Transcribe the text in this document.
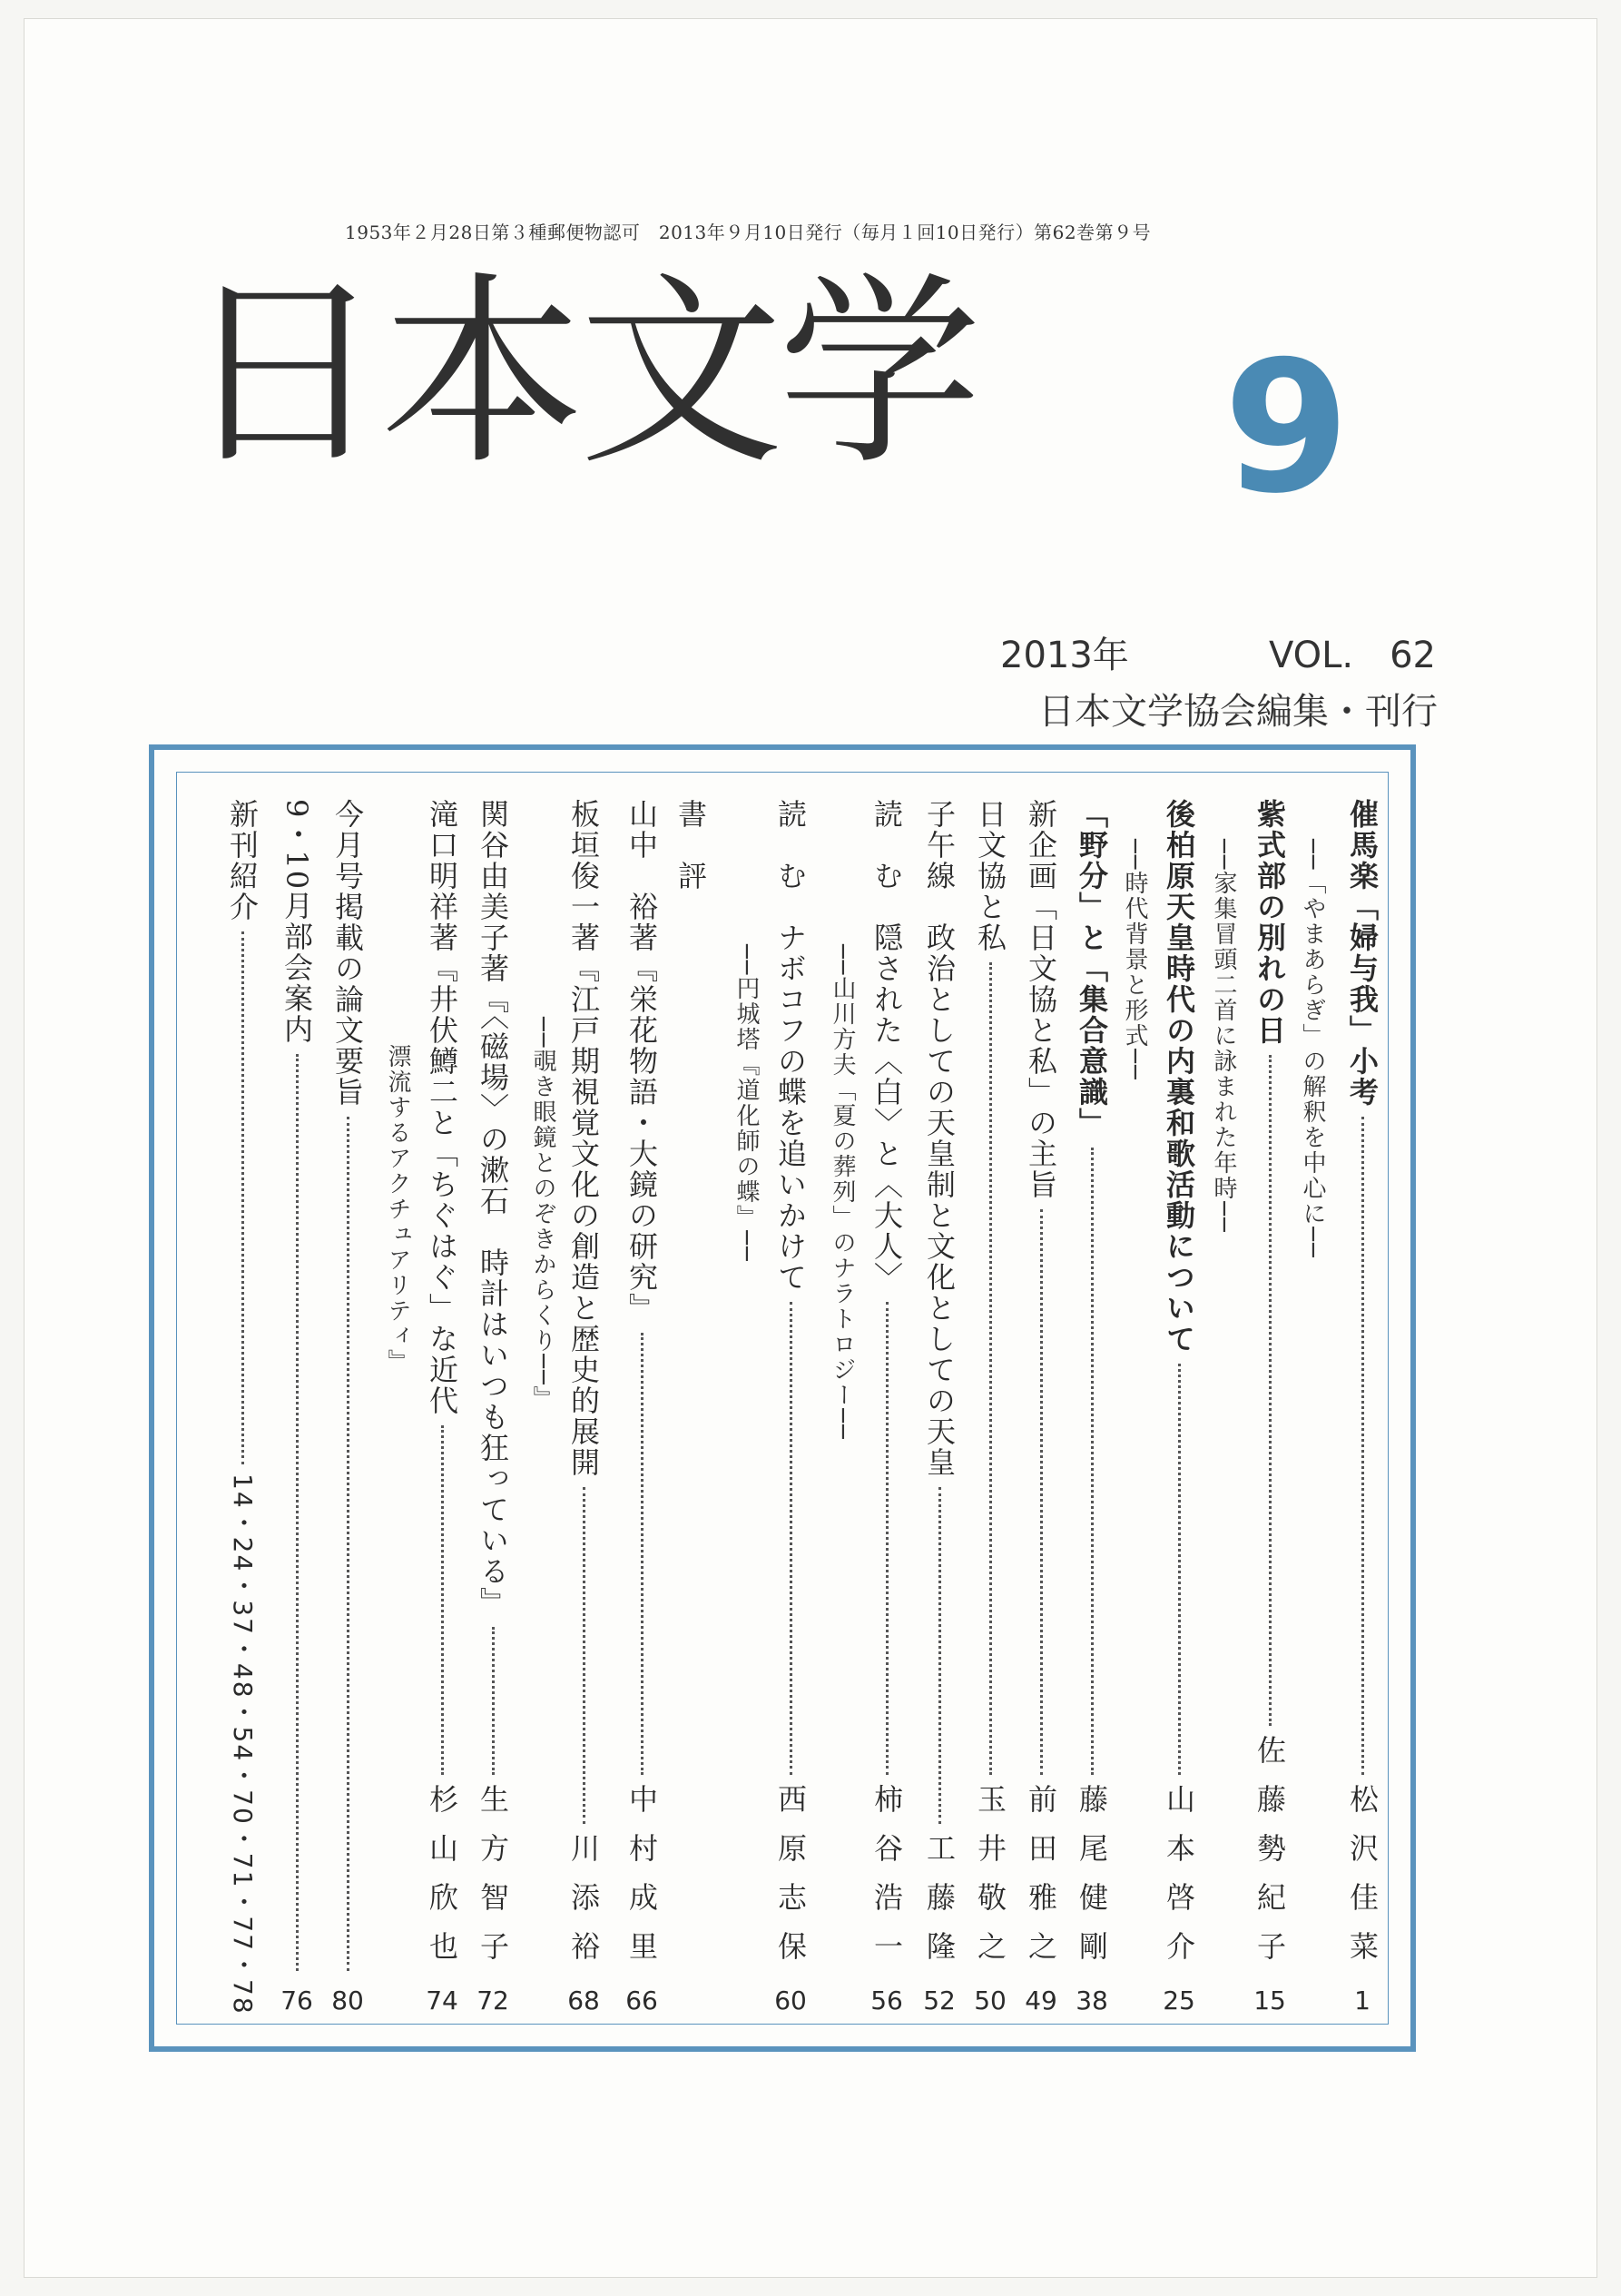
1953年２月28日第３種郵便物認可　2013年９月10日発行（毎月１回10日発行）第62巻第９号
日本文学 9
2013年	VOL.　62
日本文学協会編集・刊行
催馬楽「婦与我」小考
松沢佳菜
1
──「やまあらぎ」の解釈を中心に──
紫式部の別れの日
佐藤勢紀子
15
──家集冒頭二首に詠まれた年時──
後柏原天皇時代の内裏和歌活動について
山本啓介
25
──時代背景と形式──
「野分」と「集合意識」
藤尾健剛
38
新企画「日文協と私」の主旨
前田雅之
49
日文協と私
玉井敬之
50
子午線　政治としての天皇制と文化としての天皇
工藤隆
52
読　む　隠された〈白〉と〈大人〉
柿谷浩一
56
──山川方夫「夏の葬列」のナラトロジー──
読　む　ナボコフの蝶を追いかけて
西原志保
60
──円城塔『道化師の蝶』──
書　評
山中　裕著『栄花物語・大鏡の研究』
中村成里
66
板垣俊一著『江戸期視覚文化の創造と歴史的展開
川添裕
68
──覗き眼鏡とのぞきからくり──』
関谷由美子著『〈磁場〉の漱石　時計はいつも狂っている』
生方智子
72
滝口明祥著『井伏鱒二と「ちぐはぐ」な近代
杉山欣也
74
漂流するアクチュアリティ』
今月号掲載の論文要旨
80
9・10月部会案内
76
新刊紹介
14・24・37・48・54・70・71・77・78
